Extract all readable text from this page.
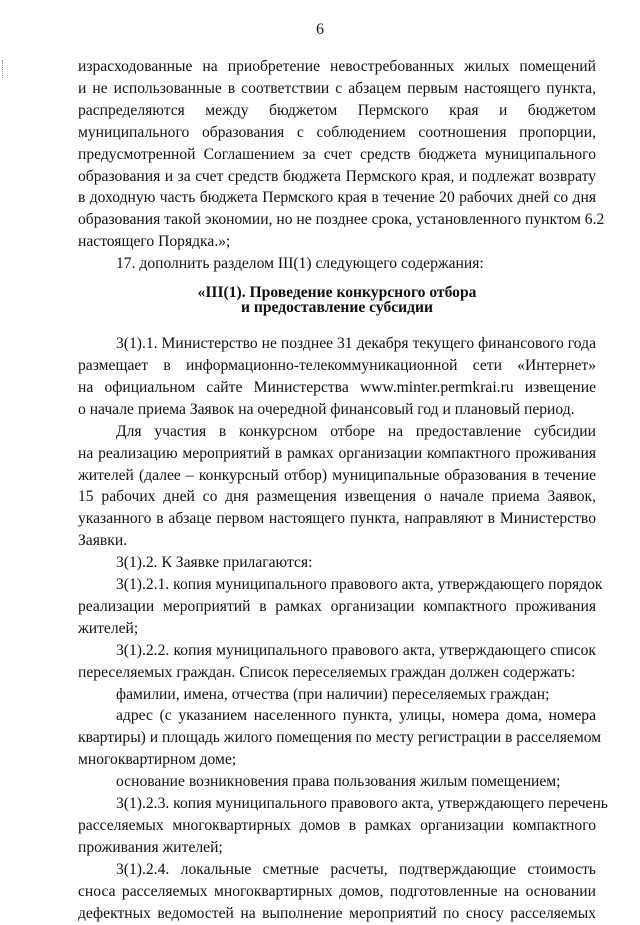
6
израсходованные на приобретение невостребованных жилых помещений
и не использованные в соответствии с абзацем первым настоящего пункта,
распределяются между бюджетом Пермского края и бюджетом
муниципального образования с соблюдением соотношения пропорции,
предусмотренной Соглашением за счет средств бюджета муниципального
образования и за счет средств бюджета Пермского края, и подлежат возврату
в доходную часть бюджета Пермского края в течение 20 рабочих дней со дня
образования такой экономии, но не позднее срока, установленного пунктом 6.2
настоящего Порядка.»;
17. дополнить разделом III(1) следующего содержания:
«III(1). Проведение конкурсного отбора
и предоставление субсидии
3(1).1. Министерство не позднее 31 декабря текущего финансового года
размещает в информационно-телекоммуникационной сети «Интернет»
на официальном сайте Министерства www.minter.permkrai.ru извещение
о начале приема Заявок на очередной финансовый год и плановый период.
Для участия в конкурсном отборе на предоставление субсидии
на реализацию мероприятий в рамках организации компактного проживания
жителей (далее – конкурсный отбор) муниципальные образования в течение
15 рабочих дней со дня размещения извещения о начале приема Заявок,
указанного в абзаце первом настоящего пункта, направляют в Министерство
Заявки.
3(1).2. К Заявке прилагаются:
3(1).2.1. копия муниципального правового акта, утверждающего порядок
реализации мероприятий в рамках организации компактного проживания
жителей;
3(1).2.2. копия муниципального правового акта, утверждающего список
переселяемых граждан. Список переселяемых граждан должен содержать:
фамилии, имена, отчества (при наличии) переселяемых граждан;
адрес (с указанием населенного пункта, улицы, номера дома, номера
квартиры) и площадь жилого помещения по месту регистрации в расселяемом
многоквартирном доме;
основание возникновения права пользования жилым помещением;
3(1).2.3. копия муниципального правового акта, утверждающего перечень
расселяемых многоквартирных домов в рамках организации компактного
проживания жителей;
3(1).2.4. локальные сметные расчеты, подтверждающие стоимость
сноса расселяемых многоквартирных домов, подготовленные на основании
дефектных ведомостей на выполнение мероприятий по сносу расселяемых
